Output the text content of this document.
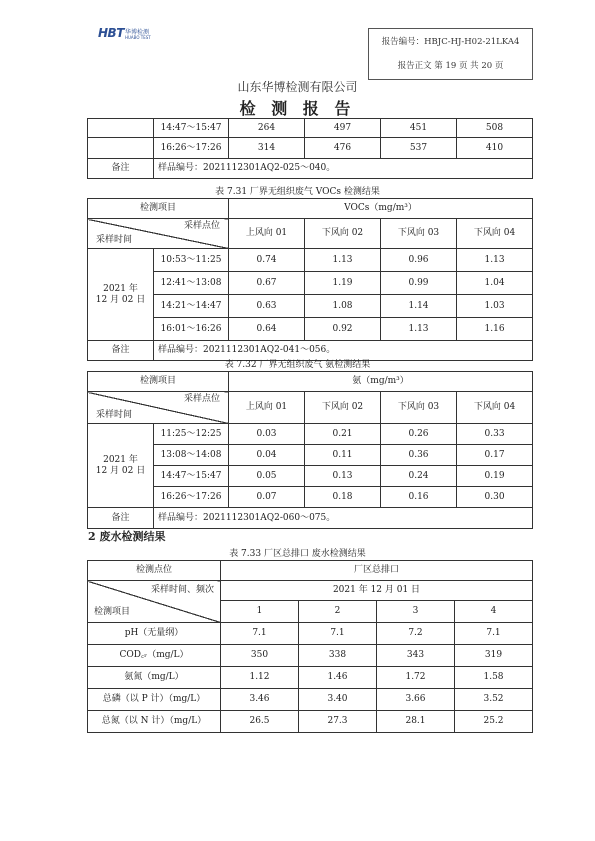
HBT 华博检测
HUABO TEST	报告编号：HBJC-HJ-H02-21LKA4
报告正文 第 19 页 共 20 页
山东华博检测有限公司
检 测 报 告
	14:47～15:47	264	497	451	508
	16:26～17:26	314	476	537	410
备注	样品编号：2021112301AQ2-025～040。				
表 7.31 厂界无组织废气 VOCs 检测结果
检测项目		VOCs（mg/m³）			

采样点位
采样时间		上风向 01	下风向 02	下风向 03	下风向 04
2021 年
12 月 02 日	10:53～11:25	0.74	1.13	0.96	1.13
	12:41～13:08	0.67	1.19	0.99	1.04
	14:21～14:47	0.63	1.08	1.14	1.03
	16:01～16:26	0.64	0.92	1.13	1.16
备注	样品编号：2021112301AQ2-041～056。				
表 7.32 厂界无组织废气 氨检测结果
检测项目		氨（mg/m³）			

采样点位
采样时间		上风向 01	下风向 02	下风向 03	下风向 04
2021 年
12 月 02 日	11:25～12:25	0.03	0.21	0.26	0.33
	13:08～14:08	0.04	0.11	0.36	0.17
	14:47～15:47	0.05	0.13	0.24	0.19
	16:26～17:26	0.07	0.18	0.16	0.30
备注	样品编号：2021112301AQ2-060～075。				
2 废水检测结果
表 7.33 厂区总排口 废水检测结果
检测点位	厂区总排口			

采样时间、频次
检测项目	2021 年 12 月 01 日			
	1	2	3	4
pH（无量纲）	7.1	7.1	7.2	7.1
COD꜀ᵣ（mg/L）	350	338	343	319
氨氮（mg/L）	1.12	1.46	1.72	1.58
总磷（以 P 计）（mg/L）	3.46	3.40	3.66	3.52
总氮（以 N 计）（mg/L）	26.5	27.3	28.1	25.2
